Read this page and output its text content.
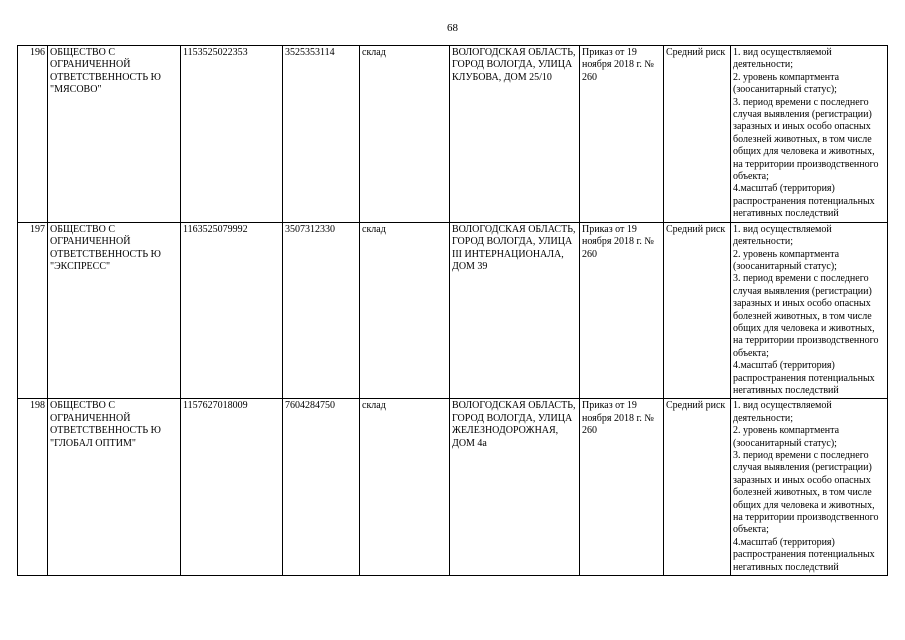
68
196	ОБЩЕСТВО С ОГРАНИЧЕННОЙ ОТВЕТСТВЕННОСТЬ Ю "МЯСОВО"	1153525022353	3525353114	склад	ВОЛОГОДСКАЯ ОБЛАСТЬ, ГОРОД ВОЛОГДА, УЛИЦА КЛУБОВА, ДОМ 25/10	Приказ от 19 ноября 2018 г. № 260	Средний риск	1. вид осуществляемой деятельности;
2. уровень компартмента (зоосанитарный статус);
3. период времени с последнего случая выявления (регистрации) заразных и иных особо опасных болезней животных, в том числе общих для человека и животных, на территории производственного объекта;
4.масштаб (территория) распространения потенциальных негативных последствий

197	ОБЩЕСТВО С ОГРАНИЧЕННОЙ ОТВЕТСТВЕННОСТЬ Ю "ЭКСПРЕСС"	1163525079992	3507312330	склад	ВОЛОГОДСКАЯ ОБЛАСТЬ, ГОРОД ВОЛОГДА, УЛИЦА III ИНТЕРНАЦИОНАЛА, ДОМ 39	Приказ от 19 ноября 2018 г. № 260	Средний риск	1. вид осуществляемой деятельности;
2. уровень компартмента (зоосанитарный статус);
3. период времени с последнего случая выявления (регистрации) заразных и иных особо опасных болезней животных, в том числе общих для человека и животных, на территории производственного объекта;
4.масштаб (территория) распространения потенциальных негативных последствий

198	ОБЩЕСТВО С ОГРАНИЧЕННОЙ ОТВЕТСТВЕННОСТЬ Ю "ГЛОБАЛ ОПТИМ"	1157627018009	7604284750	склад	ВОЛОГОДСКАЯ ОБЛАСТЬ, ГОРОД ВОЛОГДА, УЛИЦА ЖЕЛЕЗНОДОРОЖНАЯ, ДОМ 4а	Приказ от 19 ноября 2018 г. № 260	Средний риск	1. вид осуществляемой деятельности;
2. уровень компартмента (зоосанитарный статус);
3. период времени с последнего случая выявления (регистрации) заразных и иных особо опасных болезней животных, в том числе общих для человека и животных, на территории производственного объекта;
4.масштаб (территория) распространения потенциальных негативных последствий
